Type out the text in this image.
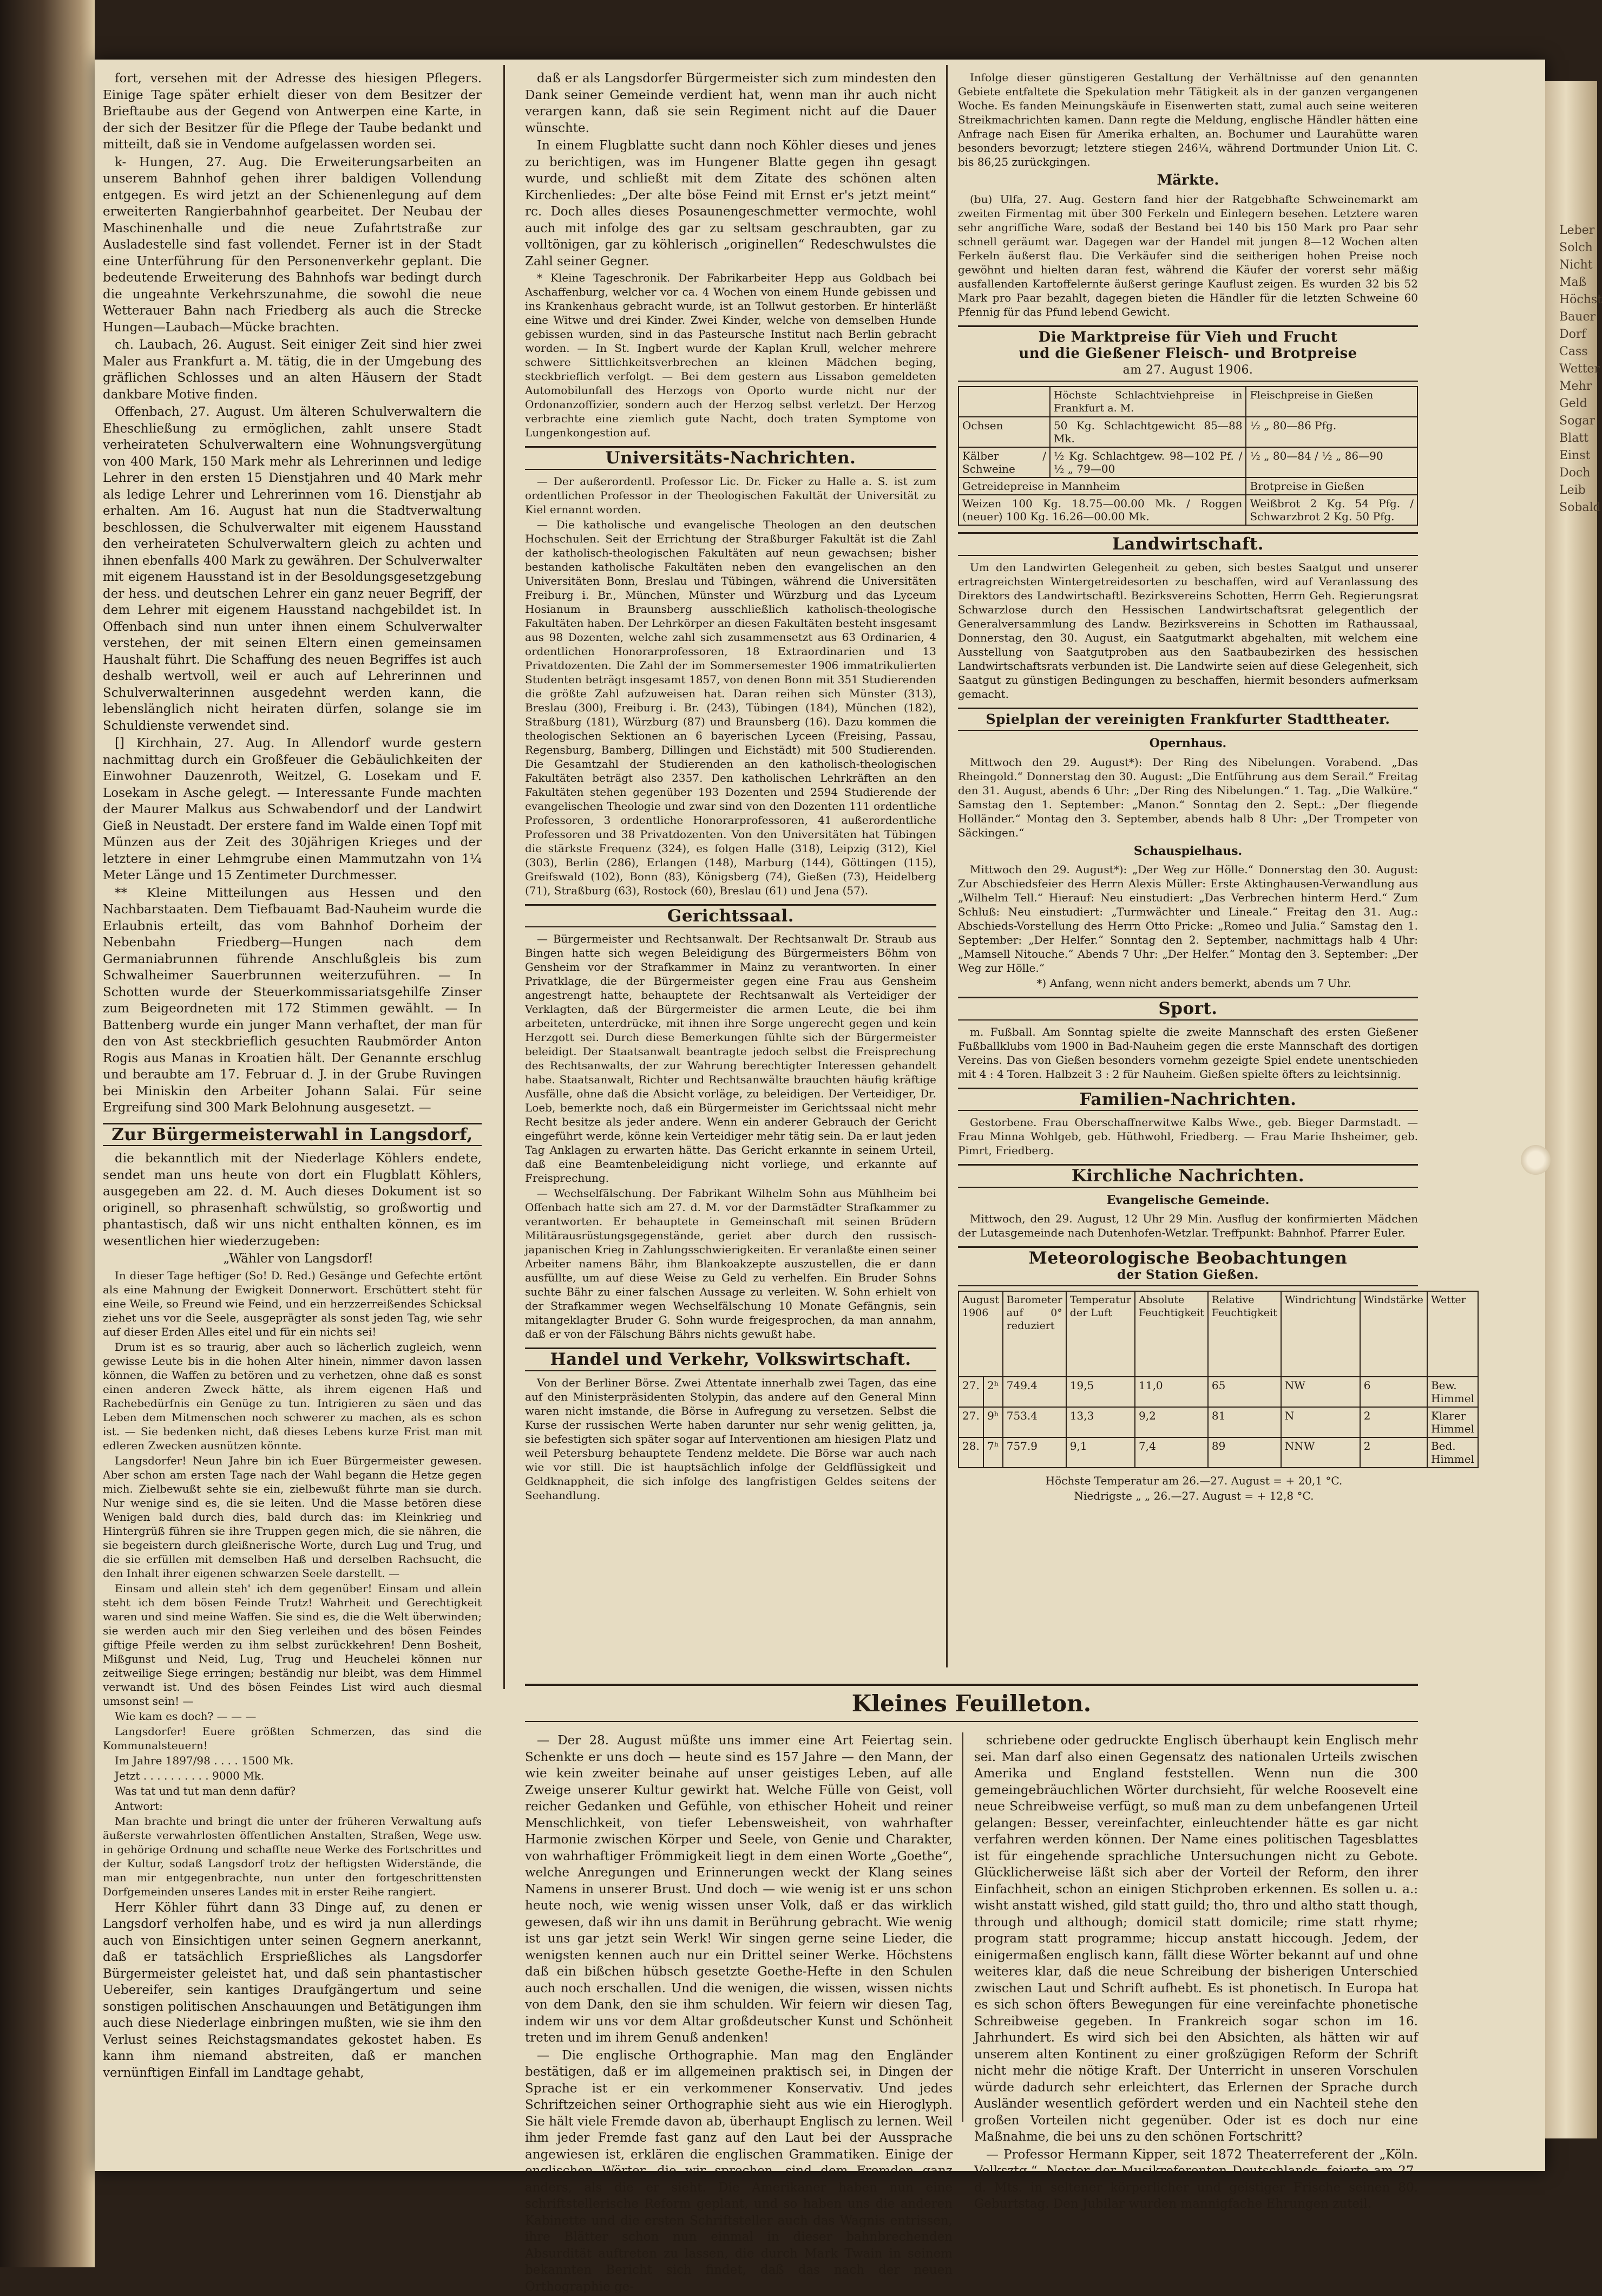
Leber Solch Nicht Maß Höchst Bauer Dorf Cass Wetter Mehr Geld Sogar Blatt Einst Doch Leib Sobald

fort, versehen mit der Adresse des hiesigen Pflegers. Einige Tage später erhielt dieser von dem Besitzer der Brieftaube aus der Gegend von Antwerpen eine Karte, in der sich der Besitzer für die Pflege der Taube bedankt und mitteilt, daß sie in Vendome aufgelassen worden sei.

k- Hungen, 27. Aug. Die Erweiterungsarbeiten an unserem Bahnhof gehen ihrer baldigen Vollendung entgegen. Es wird jetzt an der Schienenlegung auf dem erweiterten Rangierbahnhof gearbeitet. Der Neubau der Maschinenhalle und die neue Zufahrtstraße zur Ausladestelle sind fast vollendet. Ferner ist in der Stadt eine Unterführung für den Personenverkehr geplant. Die bedeutende Erweiterung des Bahnhofs war bedingt durch die ungeahnte Verkehrszunahme, die sowohl die neue Wetterauer Bahn nach Friedberg als auch die Strecke Hungen—Laubach—Mücke brachten.

ch. Laubach, 26. August. Seit einiger Zeit sind hier zwei Maler aus Frankfurt a. M. tätig, die in der Umgebung des gräflichen Schlosses und an alten Häusern der Stadt dankbare Motive finden.

Offenbach, 27. August. Um älteren Schulverwaltern die Eheschließung zu ermöglichen, zahlt unsere Stadt verheirateten Schulverwaltern eine Wohnungsvergütung von 400 Mark, 150 Mark mehr als Lehrerinnen und ledige Lehrer in den ersten 15 Dienstjahren und 40 Mark mehr als ledige Lehrer und Lehrerinnen vom 16. Dienstjahr ab erhalten. Am 16. August hat nun die Stadtverwaltung beschlossen, die Schulverwalter mit eigenem Hausstand den verheirateten Schulverwaltern gleich zu achten und ihnen ebenfalls 400 Mark zu gewähren. Der Schulverwalter mit eigenem Hausstand ist in der Besoldungsgesetzgebung der hess. und deutschen Lehrer ein ganz neuer Begriff, der dem Lehrer mit eigenem Hausstand nachgebildet ist. In Offenbach sind nun unter ihnen einem Schulverwalter verstehen, der mit seinen Eltern einen gemeinsamen Haushalt führt. Die Schaffung des neuen Begriffes ist auch deshalb wertvoll, weil er auch auf Lehrerinnen und Schulverwalterinnen ausgedehnt werden kann, die lebenslänglich nicht heiraten dürfen, solange sie im Schuldienste verwendet sind.

[] Kirchhain, 27. Aug. In Allendorf wurde gestern nachmittag durch ein Großfeuer die Gebäulichkeiten der Einwohner Dauzenroth, Weitzel, G. Losekam und F. Losekam in Asche gelegt. — Interessante Funde machten der Maurer Malkus aus Schwabendorf und der Landwirt Gieß in Neustadt. Der erstere fand im Walde einen Topf mit Münzen aus der Zeit des 30jährigen Krieges und der letztere in einer Lehmgrube einen Mammutzahn von 1¼ Meter Länge und 15 Zentimeter Durchmesser.

** Kleine Mitteilungen aus Hessen und den Nachbarstaaten. Dem Tiefbauamt Bad-Nauheim wurde die Erlaubnis erteilt, das vom Bahnhof Dorheim der Nebenbahn Friedberg—Hungen nach dem Germaniabrunnen führende Anschlußgleis bis zum Schwalheimer Sauerbrunnen weiterzuführen. — In Schotten wurde der Steuerkommissariatsgehilfe Zinser zum Beigeordneten mit 172 Stimmen gewählt. — In Battenberg wurde ein junger Mann verhaftet, der man für den von Ast steckbrieflich gesuchten Raubmörder Anton Rogis aus Manas in Kroatien hält. Der Genannte erschlug und beraubte am 17. Februar d. J. in der Grube Ruvingen bei Miniskin den Arbeiter Johann Salai. Für seine Ergreifung sind 300 Mark Belohnung ausgesetzt. —

Zur Bürgermeisterwahl in Langsdorf,

die bekanntlich mit der Niederlage Köhlers endete, sendet man uns heute von dort ein Flugblatt Köhlers, ausgegeben am 22. d. M. Auch dieses Dokument ist so originell, so phrasenhaft schwülstig, so großwortig und phantastisch, daß wir uns nicht enthalten können, es im wesentlichen hier wiederzugeben:

„Wähler von Langsdorf!

In dieser Tage heftiger (So! D. Red.) Gesänge und Gefechte ertönt als eine Mahnung der Ewigkeit Donnerwort. Erschüttert steht für eine Weile, so Freund wie Feind, und ein herzzerreißendes Schicksal ziehet uns vor die Seele, ausgeprägter als sonst jeden Tag, wie sehr auf dieser Erden Alles eitel und für ein nichts sei!

Drum ist es so traurig, aber auch so lächerlich zugleich, wenn gewisse Leute bis in die hohen Alter hinein, nimmer davon lassen können, die Waffen zu betören und zu verhetzen, ohne daß es sonst einen anderen Zweck hätte, als ihrem eigenen Haß und Rachebedürfnis ein Genüge zu tun. Intrigieren zu säen und das Leben dem Mitmenschen noch schwerer zu machen, als es schon ist. — Sie bedenken nicht, daß dieses Lebens kurze Frist man mit edleren Zwecken ausnützen könnte.

Langsdorfer! Neun Jahre bin ich Euer Bürgermeister gewesen. Aber schon am ersten Tage nach der Wahl begann die Hetze gegen mich. Zielbewußt sehte sie ein, zielbewußt führte man sie durch. Nur wenige sind es, die sie leiten. Und die Masse betören diese Wenigen bald durch dies, bald durch das: im Kleinkrieg und Hintergrüß führen sie ihre Truppen gegen mich, die sie nähren, die sie begeistern durch gleißnerische Worte, durch Lug und Trug, und die sie erfüllen mit demselben Haß und derselben Rachsucht, die den Inhalt ihrer eigenen schwarzen Seele darstellt. —

Einsam und allein steh' ich dem gegenüber! Einsam und allein steht ich dem bösen Feinde Trutz! Wahrheit und Gerechtigkeit waren und sind meine Waffen. Sie sind es, die die Welt überwinden; sie werden auch mir den Sieg verleihen und des bösen Feindes giftige Pfeile werden zu ihm selbst zurückkehren! Denn Bosheit, Mißgunst und Neid, Lug, Trug und Heuchelei können nur zeitweilige Siege erringen; beständig nur bleibt, was dem Himmel verwandt ist. Und des bösen Feindes List wird auch diesmal umsonst sein! —

Wie kam es doch? — — —

Langsdorfer! Euere größten Schmerzen, das sind die Kommunalsteuern!

Im Jahre 1897/98 . . . . 1500 Mk.

Jetzt . . . . . . . . . . 9000 Mk.

Was tat und tut man denn dafür?

Antwort:

Man brachte und bringt die unter der früheren Verwaltung aufs äußerste verwahrlosten öffentlichen Anstalten, Straßen, Wege usw. in gehörige Ordnung und schaffte neue Werke des Fortschrittes und der Kultur, sodaß Langsdorf trotz der heftigsten Widerstände, die man mir entgegenbrachte, nun unter den fortgeschrittensten Dorfgemeinden unseres Landes mit in erster Reihe rangiert.

Herr Köhler führt dann 33 Dinge auf, zu denen er Langsdorf verholfen habe, und es wird ja nun allerdings auch von Einsichtigen unter seinen Gegnern anerkannt, daß er tatsächlich Ersprießliches als Langsdorfer Bürgermeister geleistet hat, und daß sein phantastischer Uebereifer, sein kantiges Draufgängertum und seine sonstigen politischen Anschauungen und Betätigungen ihm auch diese Niederlage einbringen mußten, wie sie ihm den Verlust seines Reichstagsmandates gekostet haben. Es kann ihm niemand abstreiten, daß er manchen vernünftigen Einfall im Landtage gehabt,

daß er als Langsdorfer Bürgermeister sich zum mindesten den Dank seiner Gemeinde verdient hat, wenn man ihr auch nicht verargen kann, daß sie sein Regiment nicht auf die Dauer wünschte.

In einem Flugblatte sucht dann noch Köhler dieses und jenes zu berichtigen, was im Hungener Blatte gegen ihn gesagt wurde, und schließt mit dem Zitate des schönen alten Kirchenliedes: „Der alte böse Feind mit Ernst er's jetzt meint“ rc. Doch alles dieses Posaunengeschmetter vermochte, wohl auch mit infolge des gar zu seltsam geschraubten, gar zu volltönigen, gar zu köhlerisch „originellen“ Redeschwulstes die Zahl seiner Gegner.

* Kleine Tageschronik. Der Fabrikarbeiter Hepp aus Goldbach bei Aschaffenburg, welcher vor ca. 4 Wochen von einem Hunde gebissen und ins Krankenhaus gebracht wurde, ist an Tollwut gestorben. Er hinterläßt eine Witwe und drei Kinder. Zwei Kinder, welche von demselben Hunde gebissen wurden, sind in das Pasteursche Institut nach Berlin gebracht worden. — In St. Ingbert wurde der Kaplan Krull, welcher mehrere schwere Sittlichkeitsverbrechen an kleinen Mädchen beging, steckbrieflich verfolgt. — Bei dem gestern aus Lissabon gemeldeten Automobilunfall des Herzogs von Oporto wurde nicht nur der Ordonanzoffizier, sondern auch der Herzog selbst verletzt. Der Herzog verbrachte eine ziemlich gute Nacht, doch traten Symptome von Lungenkongestion auf.

Universitäts-Nachrichten.

— Der außerordentl. Professor Lic. Dr. Ficker zu Halle a. S. ist zum ordentlichen Professor in der Theologischen Fakultät der Universität zu Kiel ernannt worden.

— Die katholische und evangelische Theologen an den deutschen Hochschulen. Seit der Errichtung der Straßburger Fakultät ist die Zahl der katholisch-theologischen Fakultäten auf neun gewachsen; bisher bestanden katholische Fakultäten neben den evangelischen an den Universitäten Bonn, Breslau und Tübingen, während die Universitäten Freiburg i. Br., München, Münster und Würzburg und das Lyceum Hosianum in Braunsberg ausschließlich katholisch-theologische Fakultäten haben. Der Lehrkörper an diesen Fakultäten besteht insgesamt aus 98 Dozenten, welche zahl sich zusammensetzt aus 63 Ordinarien, 4 ordentlichen Honorarprofessoren, 18 Extraordinarien und 13 Privatdozenten. Die Zahl der im Sommersemester 1906 immatrikulierten Studenten beträgt insgesamt 1857, von denen Bonn mit 351 Studierenden die größte Zahl aufzuweisen hat. Daran reihen sich Münster (313), Breslau (300), Freiburg i. Br. (243), Tübingen (184), München (182), Straßburg (181), Würzburg (87) und Braunsberg (16). Dazu kommen die theologischen Sektionen an 6 bayerischen Lyceen (Freising, Passau, Regensburg, Bamberg, Dillingen und Eichstädt) mit 500 Studierenden. Die Gesamtzahl der Studierenden an den katholisch-theologischen Fakultäten beträgt also 2357. Den katholischen Lehrkräften an den Fakultäten stehen gegenüber 193 Dozenten und 2594 Studierende der evangelischen Theologie und zwar sind von den Dozenten 111 ordentliche Professoren, 3 ordentliche Honorarprofessoren, 41 außerordentliche Professoren und 38 Privatdozenten. Von den Universitäten hat Tübingen die stärkste Frequenz (324), es folgen Halle (318), Leipzig (312), Kiel (303), Berlin (286), Erlangen (148), Marburg (144), Göttingen (115), Greifswald (102), Bonn (83), Königsberg (74), Gießen (73), Heidelberg (71), Straßburg (63), Rostock (60), Breslau (61) und Jena (57).

Gerichtssaal.

— Bürgermeister und Rechtsanwalt. Der Rechtsanwalt Dr. Straub aus Bingen hatte sich wegen Beleidigung des Bürgermeisters Böhm von Gensheim vor der Strafkammer in Mainz zu verantworten. In einer Privatklage, die der Bürgermeister gegen eine Frau aus Gensheim angestrengt hatte, behauptete der Rechtsanwalt als Verteidiger der Verklagten, daß der Bürgermeister die armen Leute, die bei ihm arbeiteten, unterdrücke, mit ihnen ihre Sorge ungerecht gegen und kein Herzgott sei. Durch diese Bemerkungen fühlte sich der Bürgermeister beleidigt. Der Staatsanwalt beantragte jedoch selbst die Freisprechung des Rechtsanwalts, der zur Wahrung berechtigter Interessen gehandelt habe. Staatsanwalt, Richter und Rechtsanwälte brauchten häufig kräftige Ausfälle, ohne daß die Absicht vorläge, zu beleidigen. Der Verteidiger, Dr. Loeb, bemerkte noch, daß ein Bürgermeister im Gerichtssaal nicht mehr Recht besitze als jeder andere. Wenn ein anderer Gebrauch der Gericht eingeführt werde, könne kein Verteidiger mehr tätig sein. Da er laut jeden Tag Anklagen zu erwarten hätte. Das Gericht erkannte in seinem Urteil, daß eine Beamtenbeleidigung nicht vorliege, und erkannte auf Freisprechung.

— Wechselfälschung. Der Fabrikant Wilhelm Sohn aus Mühlheim bei Offenbach hatte sich am 27. d. M. vor der Darmstädter Strafkammer zu verantworten. Er behauptete in Gemeinschaft mit seinen Brüdern Militärausrüstungsgegenstände, geriet aber durch den russisch-japanischen Krieg in Zahlungsschwierigkeiten. Er veranlaßte einen seiner Arbeiter namens Bähr, ihm Blankoakzepte auszustellen, die er dann ausfüllte, um auf diese Weise zu Geld zu verhelfen. Ein Bruder Sohns suchte Bähr zu einer falschen Aussage zu verleiten. W. Sohn erhielt von der Strafkammer wegen Wechselfälschung 10 Monate Gefängnis, sein mitangeklagter Bruder G. Sohn wurde freigesprochen, da man annahm, daß er von der Fälschung Bährs nichts gewußt habe.

Handel und Verkehr, Volkswirtschaft.

Von der Berliner Börse. Zwei Attentate innerhalb zwei Tagen, das eine auf den Ministerpräsidenten Stolypin, das andere auf den General Minn waren nicht imstande, die Börse in Aufregung zu versetzen. Selbst die Kurse der russischen Werte haben darunter nur sehr wenig gelitten, ja, sie befestigten sich später sogar auf Interventionen am hiesigen Platz und weil Petersburg behauptete Tendenz meldete. Die Börse war auch nach wie vor still. Die ist hauptsächlich infolge der Geldflüssigkeit und Geldknappheit, die sich infolge des langfristigen Geldes seitens der Seehandlung.

Infolge dieser günstigeren Gestaltung der Verhältnisse auf den genannten Gebiete entfaltete die Spekulation mehr Tätigkeit als in der ganzen vergangenen Woche. Es fanden Meinungskäufe in Eisenwerten statt, zumal auch seine weiteren Streikmachrichten kamen. Dann regte die Meldung, englische Händler hätten eine Anfrage nach Eisen für Amerika erhalten, an. Bochumer und Laurahütte waren besonders bevorzugt; letztere stiegen 246¼, während Dortmunder Union Lit. C. bis 86,25 zurückgingen.

Märkte.

(bu) Ulfa, 27. Aug. Gestern fand hier der Ratgebhafte Schweinemarkt am zweiten Firmentag mit über 300 Ferkeln und Einlegern besehen. Letztere waren sehr angriffiche Ware, sodaß der Bestand bei 140 bis 150 Mark pro Paar sehr schnell geräumt war. Dagegen war der Handel mit jungen 8—12 Wochen alten Ferkeln äußerst flau. Die Verkäufer sind die seitherigen hohen Preise noch gewöhnt und hielten daran fest, während die Käufer der vorerst sehr mäßig ausfallenden Kartoffelernte äußerst geringe Kauflust zeigen. Es wurden 32 bis 52 Mark pro Paar bezahlt, dagegen bieten die Händler für die letzten Schweine 60 Pfennig für das Pfund lebend Gewicht.

Die Marktpreise für Vieh und Frucht
und die Gießener Fleisch- und Brotpreise
am 27. August 1906.
	Höchste Schlachtviehpreise in Frankfurt a. M.	Fleischpreise in Gießen
Ochsen	50 Kg. Schlachtgewicht 85—88 Mk.	½ „ 80—86 Pfg.
Kälber / Schweine	½ Kg. Schlachtgew. 98—102 Pf. / ½ „ 79—00	½ „ 80—84 / ½ „ 86—90
Getreidepreise in Mannheim		Brotpreise in Gießen
Weizen 100 Kg. 18.75—00.00 Mk. / Roggen (neuer) 100 Kg. 16.26—00.00 Mk.		Weißbrot 2 Kg. 54 Pfg. / Schwarzbrot 2 Kg. 50 Pfg.
Landwirtschaft.

Um den Landwirten Gelegenheit zu geben, sich bestes Saatgut und unserer ertragreichsten Wintergetreidesorten zu beschaffen, wird auf Veranlassung des Direktors des Landwirtschaftl. Bezirksvereins Schotten, Herrn Geh. Regierungsrat Schwarzlose durch den Hessischen Landwirtschaftsrat gelegentlich der Generalversammlung des Landw. Bezirksvereins in Schotten im Rathaussaal, Donnerstag, den 30. August, ein Saatgutmarkt abgehalten, mit welchem eine Ausstellung von Saatgutproben aus den Saatbaubezirken des hessischen Landwirtschaftsrats verbunden ist. Die Landwirte seien auf diese Gelegenheit, sich Saatgut zu günstigen Bedingungen zu beschaffen, hiermit besonders aufmerksam gemacht.

Spielplan der vereinigten Frankfurter Stadttheater.
Opernhaus.

Mittwoch den 29. August*): Der Ring des Nibelungen. Vorabend. „Das Rheingold.“ Donnerstag den 30. August: „Die Entführung aus dem Serail.“ Freitag den 31. August, abends 6 Uhr: „Der Ring des Nibelungen.“ 1. Tag. „Die Walküre.“ Samstag den 1. September: „Manon.“ Sonntag den 2. Sept.: „Der fliegende Holländer.“ Montag den 3. September, abends halb 8 Uhr: „Der Trompeter von Säckingen.“

Schauspielhaus.

Mittwoch den 29. August*): „Der Weg zur Hölle.“ Donnerstag den 30. August: Zur Abschiedsfeier des Herrn Alexis Müller: Erste Aktinghausen-Verwandlung aus „Wilhelm Tell.“ Hierauf: Neu einstudiert: „Das Verbrechen hinterm Herd.“ Zum Schluß: Neu einstudiert: „Turmwächter und Lineale.“ Freitag den 31. Aug.: Abschieds-Vorstellung des Herrn Otto Pricke: „Romeo und Julia.“ Samstag den 1. September: „Der Helfer.“ Sonntag den 2. September, nachmittags halb 4 Uhr: „Mamsell Nitouche.“ Abends 7 Uhr: „Der Helfer.“ Montag den 3. September: „Der Weg zur Hölle.“

*) Anfang, wenn nicht anders bemerkt, abends um 7 Uhr.

Sport.

m. Fußball. Am Sonntag spielte die zweite Mannschaft des ersten Gießener Fußballklubs vom 1900 in Bad-Nauheim gegen die erste Mannschaft des dortigen Vereins. Das von Gießen besonders vornehm gezeigte Spiel endete unentschieden mit 4 : 4 Toren. Halbzeit 3 : 2 für Nauheim. Gießen spielte öfters zu leichtsinnig.

Familien-Nachrichten.

Gestorbene. Frau Oberschaffnerwitwe Kalbs Wwe., geb. Bieger Darmstadt. — Frau Minna Wohlgeb, geb. Hüthwohl, Friedberg. — Frau Marie Ihsheimer, geb. Pimrt, Friedberg.

Kirchliche Nachrichten.
Evangelische Gemeinde.

Mittwoch, den 29. August, 12 Uhr 29 Min. Ausflug der konfirmierten Mädchen der Lutasgemeinde nach Dutenhofen-Wetzlar. Treffpunkt: Bahnhof. Pfarrer Euler.

Meteorologische Beobachtungen
der Station Gießen.
August 1906		Barometer auf 0° reduziert	Temperatur der Luft	Absolute Feuchtigkeit	Relative Feuchtigkeit	Windrichtung	Windstärke	Wetter
27.	2ʰ	749.4	19,5	11,0	65	NW	6	Bew. Himmel
27.	9ʰ	753.4	13,3	9,2	81	N	2	Klarer Himmel
28.	7ʰ	757.9	9,1	7,4	89	NNW	2	Bed. Himmel

Höchste Temperatur am 26.—27. August = + 20,1 °C.

Niedrigste „ „ 26.—27. August = + 12,8 °C.

Kleines Feuilleton.

— Der 28. August müßte uns immer eine Art Feiertag sein. Schenkte er uns doch — heute sind es 157 Jahre — den Mann, der wie kein zweiter beinahe auf unser geistiges Leben, auf alle Zweige unserer Kultur gewirkt hat. Welche Fülle von Geist, voll reicher Gedanken und Gefühle, von ethischer Hoheit und reiner Menschlichkeit, von tiefer Lebensweisheit, von wahrhafter Harmonie zwischen Körper und Seele, von Genie und Charakter, von wahrhaftiger Frömmigkeit liegt in dem einen Worte „Goethe“, welche Anregungen und Erinnerungen weckt der Klang seines Namens in unserer Brust. Und doch — wie wenig ist er uns schon heute noch, wie wenig wissen unser Volk, daß er das wirklich gewesen, daß wir ihn uns damit in Berührung gebracht. Wie wenig ist uns gar jetzt sein Werk! Wir singen gerne seine Lieder, die wenigsten kennen auch nur ein Drittel seiner Werke. Höchstens daß ein bißchen hübsch gesetzte Goethe-Hefte in den Schulen auch noch erschallen. Und die wenigen, die wissen, wissen nichts von dem Dank, den sie ihm schulden. Wir feiern wir diesen Tag, indem wir uns vor dem Altar großdeutscher Kunst und Schönheit treten und im ihrem Genuß andenken!

— Die englische Orthographie. Man mag den Engländer bestätigen, daß er im allgemeinen praktisch sei, in Dingen der Sprache ist er ein verkommener Konservativ. Und jedes Schriftzeichen seiner Orthographie sieht aus wie ein Hieroglyph. Sie hält viele Fremde davon ab, überhaupt Englisch zu lernen. Weil ihm jeder Fremde fast ganz auf den Laut bei der Aussprache angewiesen ist, erklären die englischen Grammatiken. Einige der englischen Wörter, die wir sprechen, sind dem Fremden ganz anders, als die er sieht. Die Amerikaner haben nun eine schriftstellerische Reform geplant, und so haben uns die anderen Kabinette und die ersten Schriftsteller auch das Wagnis entrissen, ihre Blätter schon nun einmal in dieser bahnbrechenden Absurdität auftreten zu lassen, die durch Mark Twain in seinem bekannten Bericht sich findet, daß das nach der neuen Orthographie ge-

schriebene oder gedruckte Englisch überhaupt kein Englisch mehr sei. Man darf also einen Gegensatz des nationalen Urteils zwischen Amerika und England feststellen. Wenn nun die 300 gemeingebräuchlichen Wörter durchsieht, für welche Roosevelt eine neue Schreibweise verfügt, so muß man zu dem unbefangenen Urteil gelangen: Besser, vereinfachter, einleuchtender hätte es gar nicht verfahren werden können. Der Name eines politischen Tagesblattes ist für eingehende sprachliche Untersuchungen nicht zu Gebote. Glücklicherweise läßt sich aber der Vorteil der Reform, den ihrer Einfachheit, schon an einigen Stichproben erkennen. Es sollen u. a.: wisht anstatt wished, gild statt guild; tho, thro und altho statt though, through und although; domicil statt domicile; rime statt rhyme; program statt programme; hiccup anstatt hiccough. Jedem, der einigermaßen englisch kann, fällt diese Wörter bekannt auf und ohne weiteres klar, daß die neue Schreibung der bisherigen Unterschied zwischen Laut und Schrift aufhebt. Es ist phonetisch. In Europa hat es sich schon öfters Bewegungen für eine vereinfachte phonetische Schreibweise gegeben. In Frankreich sogar schon im 16. Jahrhundert. Es wird sich bei den Absichten, als hätten wir auf unserem alten Kontinent zu einer großzügigen Reform der Schrift nicht mehr die nötige Kraft. Der Unterricht in unseren Vorschulen würde dadurch sehr erleichtert, das Erlernen der Sprache durch Ausländer wesentlich gefördert werden und ein Nachteil stehe den großen Vorteilen nicht gegenüber. Oder ist es doch nur eine Maßnahme, die bei uns zu den schönen Fortschritt?

— Professor Hermann Kipper, seit 1872 Theaterreferent der „Köln. Volksztg.“, Nestor der Musikreferenten Deutschlands, feierte am 27. d. Mts. in seltener körperlicher und geistiger Frische seinen 80. Geburtstag. Den Jubilar wurden mannigfache Ehrungen zuteil.
